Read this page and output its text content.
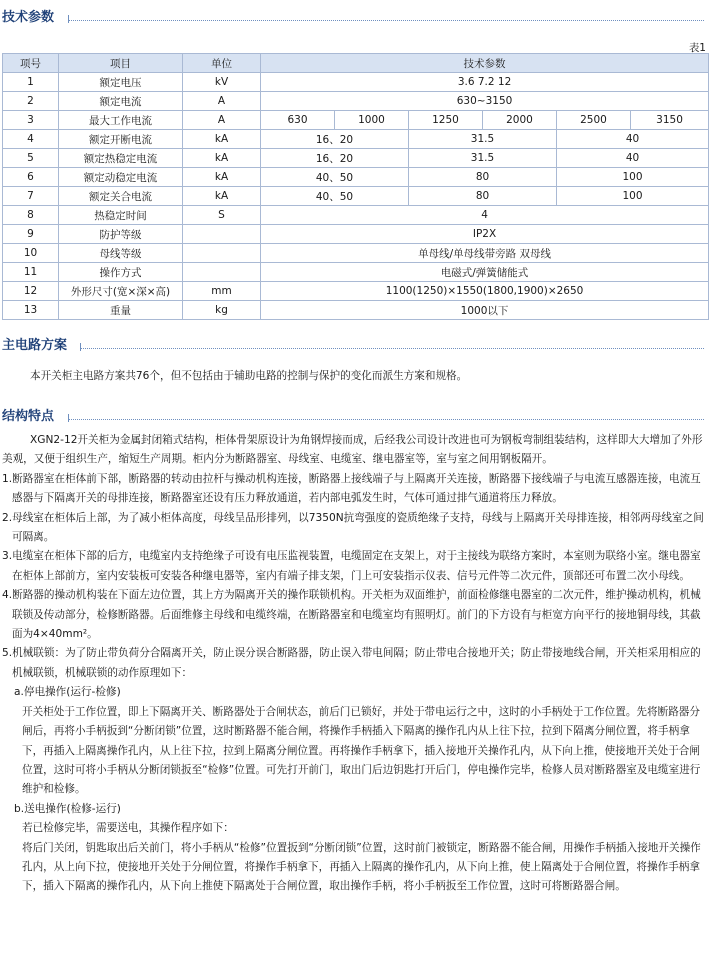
技术参数
表1
项号	项目	单位	技术参数					
1	额定电压	kV	3.6 7.2 12					
2	额定电流	A	630~3150					
3	最大工作电流	A	630	1000	1250	2000	2500	3150
4	额定开断电流	kA	16、20		31.5		40	
5	额定热稳定电流	kA	16、20		31.5		40	
6	额定动稳定电流	kA	40、50		80		100	
7	额定关合电流	kA	40、50		80		100	
8	热稳定时间	S	4					
9	防护等级		IP2X					
10	母线等级		单母线/单母线带旁路 双母线					
11	操作方式		电磁式/弹簧储能式					
12	外形尺寸(宽×深×高)	mm	1100(1250)×1550(1800,1900)×2650					
13	重量	kg	1000以下					
主电路方案

本开关柜主电路方案共76个，但不包括由于辅助电路的控制与保护的变化而派生方案和规格。

结构特点

XGN2-12开关柜为金属封闭箱式结构，柜体骨架原设计为角钢焊接而成，后经我公司设计改进也可为钢板弯制组装结构，这样即大大增加了外形美观，又便于组织生产，缩短生产周期。柜内分为断路器室、母线室、电缆室、继电器室等，室与室之间用钢板隔开。

1.断路器室在柜体前下部，断路器的转动由拉杆与操动机构连接，断路器上接线端子与上隔离开关连接，断路器下接线端子与电流互感器连接，电流互感器与下隔离开关的母排连接，断路器室还设有压力释放通道，若内部电弧发生时，气体可通过排气通道将压力释放。

2.母线室在柜体后上部，为了减小柜体高度，母线呈品形排列，以7350N抗弯强度的瓷质绝缘子支持，母线与上隔离开关母排连接，相邻两母线室之间可隔离。

3.电缆室在柜体下部的后方，电缆室内支持绝缘子可设有电压监视装置，电缆固定在支架上，对于主接线为联络方案时，本室则为联络小室。继电器室在柜体上部前方，室内安装板可安装各种继电器等，室内有端子排支架，门上可安装指示仪表、信号元件等二次元件，顶部还可布置二次小母线。

4.断路器的操动机构装在下面左边位置，其上方为隔离开关的操作联锁机构。开关柜为双面维护，前面检修继电器室的二次元件，维护操动机构，机械联锁及传动部分，检修断路器。后面维修主母线和电缆终端，在断路器室和电缆室均有照明灯。前门的下方设有与柜宽方向平行的接地铜母线，其截面为4×40mm²。

5.机械联锁：为了防止带负荷分合隔离开关，防止误分误合断路器，防止误入带电间隔；防止带电合接地开关；防止带接地线合闸，开关柜采用相应的机械联锁，机械联锁的动作原理如下：

a.停电操作(运行-检修)

开关柜处于工作位置，即上下隔离开关、断路器处于合闸状态，前后门已锁好，并处于带电运行之中，这时的小手柄处于工作位置。先将断路器分闸后，再将小手柄扳到“分断闭锁”位置，这时断路器不能合闸，将操作手柄插入下隔离的操作孔内从上往下拉，拉到下隔离分闸位置，将手柄拿下，再插入上隔离操作孔内，从上往下拉，拉到上隔离分闸位置。再将操作手柄拿下，插入接地开关操作孔内，从下向上推，使接地开关处于合闸位置，这时可将小手柄从分断闭锁扳至“检修”位置。可先打开前门，取出门后边钥匙打开后门，停电操作完毕，检修人员对断路器室及电缆室进行维护和检修。

b.送电操作(检修-运行)

若已检修完毕，需要送电，其操作程序如下：

将后门关闭，钥匙取出后关前门，将小手柄从“检修”位置扳到“分断闭锁”位置，这时前门被锁定，断路器不能合闸，用操作手柄插入接地开关操作孔内，从上向下拉，使接地开关处于分闸位置，将操作手柄拿下，再插入上隔离的操作孔内，从下向上推，使上隔离处于合闸位置，将操作手柄拿下，插入下隔离的操作孔内，从下向上推使下隔离处于合闸位置，取出操作手柄，将小手柄扳至工作位置，这时可将断路器合闸。
